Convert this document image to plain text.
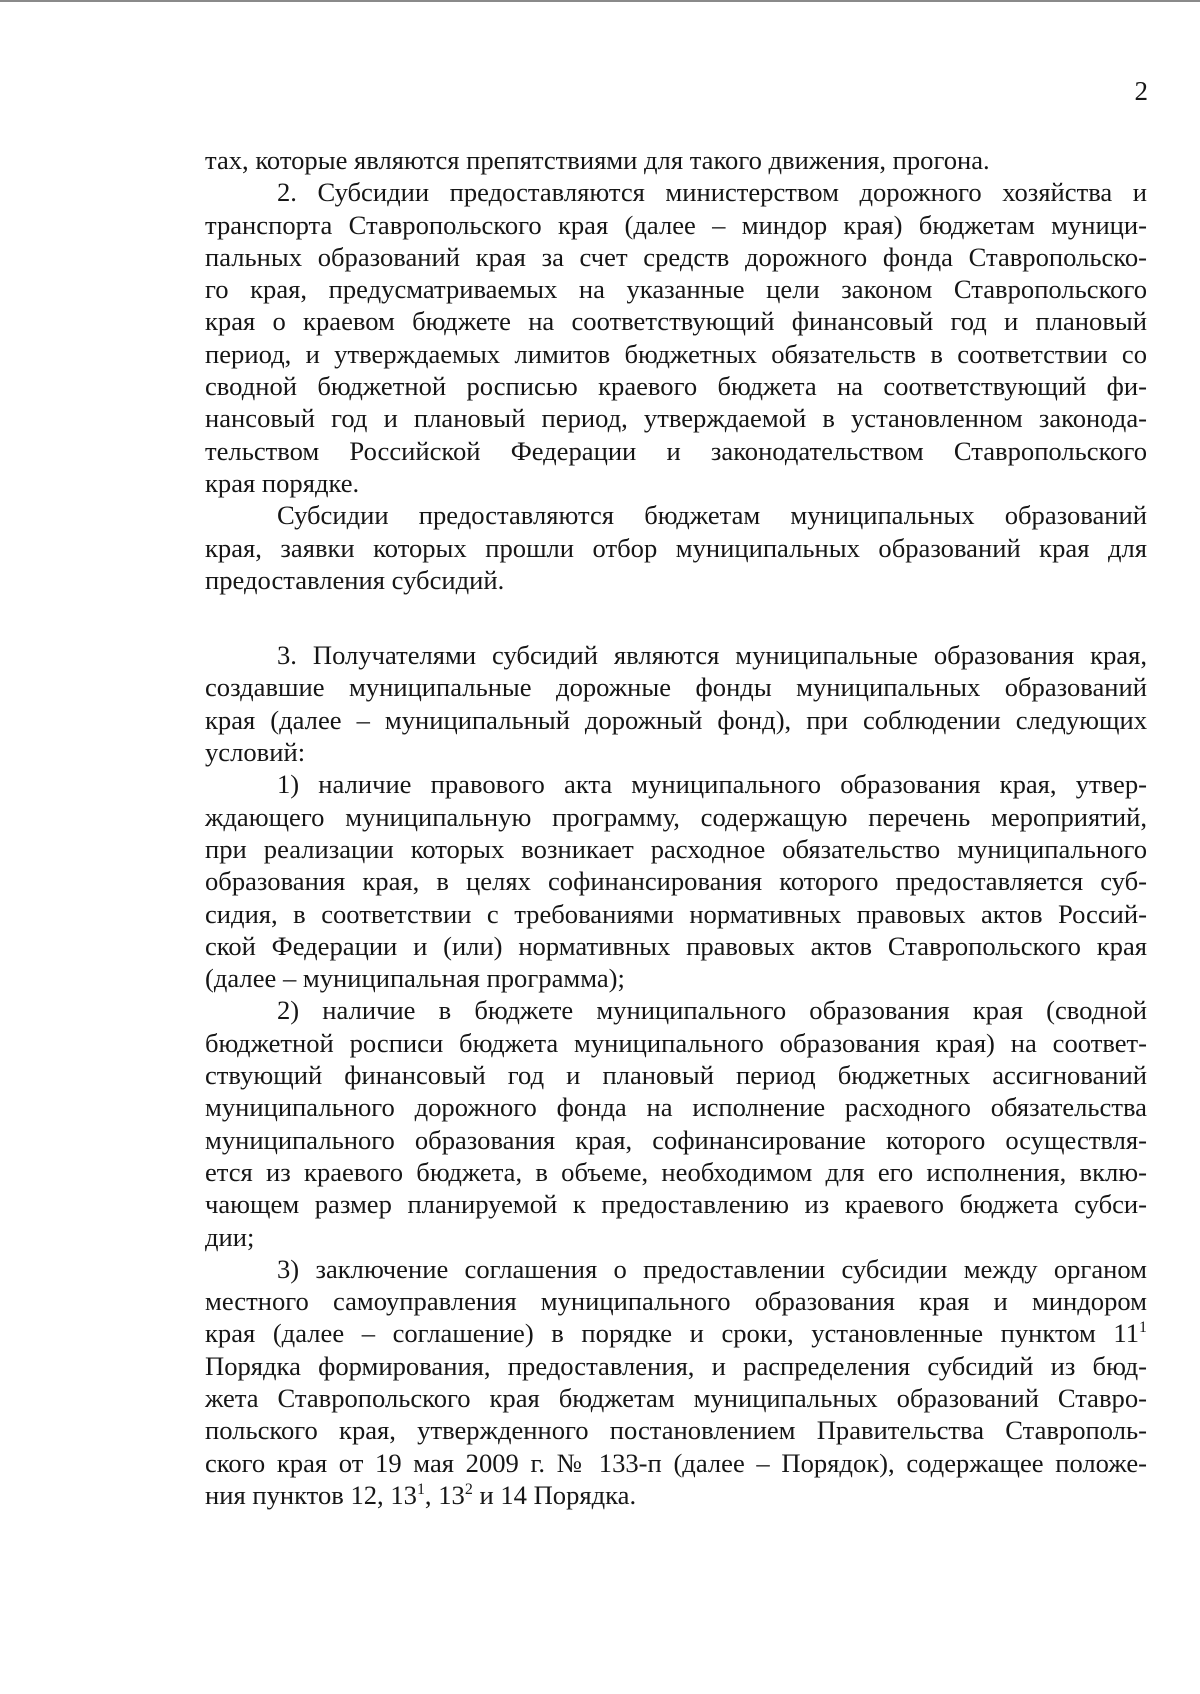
2
тах, которые являются препятствиями для такого движения, прогона.
2. Субсидии предоставляются министерством дорожного хозяйства и
транспорта Ставропольского края (далее – миндор края) бюджетам муници-
пальных образований края за счет средств дорожного фонда Ставропольско-
го края, предусматриваемых на указанные цели законом Ставропольского
края о краевом бюджете на соответствующий финансовый год и плановый
период, и утверждаемых лимитов бюджетных обязательств в соответствии со
сводной бюджетной росписью краевого бюджета на соответствующий фи-
нансовый год и плановый период, утверждаемой в установленном законода-
тельством Российской Федерации и законодательством Ставропольского
края порядке.
Субсидии предоставляются бюджетам муниципальных образований
края, заявки которых прошли отбор муниципальных образований края для
предоставления субсидий.
3. Получателями субсидий являются муниципальные образования края,
создавшие муниципальные дорожные фонды муниципальных образований
края (далее – муниципальный дорожный фонд), при соблюдении следующих
условий:
1) наличие правового акта муниципального образования края, утвер-
ждающего муниципальную программу, содержащую перечень мероприятий,
при реализации которых возникает расходное обязательство муниципального
образования края, в целях софинансирования которого предоставляется суб-
сидия, в соответствии с требованиями нормативных правовых актов Россий-
ской Федерации и (или) нормативных правовых актов Ставропольского края
(далее – муниципальная программа);
2) наличие в бюджете муниципального образования края (сводной
бюджетной росписи бюджета муниципального образования края) на соответ-
ствующий финансовый год и плановый период бюджетных ассигнований
муниципального дорожного фонда на исполнение расходного обязательства
муниципального образования края, софинансирование которого осуществля-
ется из краевого бюджета, в объеме, необходимом для его исполнения, вклю-
чающем размер планируемой к предоставлению из краевого бюджета субси-
дии;
3) заключение соглашения о предоставлении субсидии между органом
местного самоуправления муниципального образования края и миндором
края (далее – соглашение) в порядке и сроки, установленные пунктом $11^1$
Порядка формирования, предоставления, и распределения субсидий из бюд-
жета Ставропольского края бюджетам муниципальных образований Ставро-
польского края, утвержденного постановлением Правительства Ставрополь-
ского края от 19 мая 2009 г. № 133-п (далее – Порядок), содержащее положе-
ния пунктов 12, $13^1$, $13^2$ и 14 Порядка.
